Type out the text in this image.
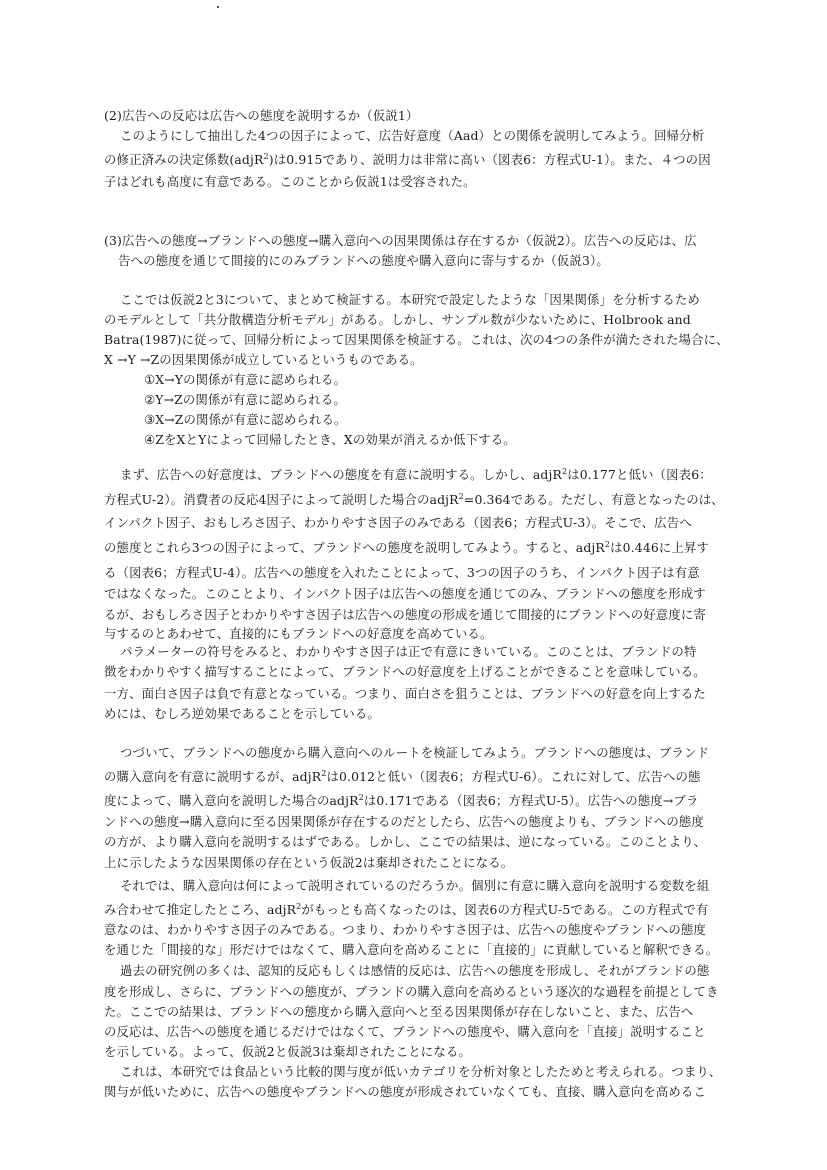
(2)広告への反応は広告への態度を説明するか（仮説1）
このようにして抽出した4つの因子によって、広告好意度（Aad）との関係を説明してみよう。回帰分析
の修正済みの決定係数(adjR$^2$)は0.915であり、説明力は非常に高い（図表6：方程式U-1）。また、４つの因
子はどれも高度に有意である。このことから仮説1は受容された。
(3)広告への態度→ブランドへの態度→購入意向への因果関係は存在するか（仮説2）。広告への反応は、広
告への態度を通じて間接的にのみブランドへの態度や購入意向に寄与するか（仮説3）。
ここでは仮説2と3について、まとめて検証する。本研究で設定したような「因果関係」を分析するため
のモデルとして「共分散構造分析モデル」がある。しかし、サンプル数が少ないために、Holbrook and
Batra(1987)に従って、回帰分析によって因果関係を検証する。これは、次の4つの条件が満たされた場合に、
X →Y →Zの因果関係が成立しているというものである。
①X→Yの関係が有意に認められる。
②Y→Zの関係が有意に認められる。
③X→Zの関係が有意に認められる。
④ZをXとYによって回帰したとき、Xの効果が消えるか低下する。
まず、広告への好意度は、ブランドへの態度を有意に説明する。しかし、adjR$^2$は0.177と低い（図表6：
方程式U-2）。消費者の反応4因子によって説明した場合のadjR$^2$=0.364である。ただし、有意となったのは、
インパクト因子、おもしろさ因子、わかりやすさ因子のみである（図表6；方程式U-3）。そこで、広告へ
の態度とこれら3つの因子によって、ブランドへの態度を説明してみよう。すると、adjR$^2$は0.446に上昇す
る（図表6；方程式U-4）。広告への態度を入れたことによって、3つの因子のうち、インパクト因子は有意
ではなくなった。このことより、インパクト因子は広告への態度を通じてのみ、ブランドへの態度を形成す
るが、おもしろさ因子とわかりやすさ因子は広告への態度の形成を通じて間接的にブランドへの好意度に寄
与するのとあわせて、直接的にもブランドへの好意度を高めている。
パラメーターの符号をみると、わかりやすさ因子は正で有意にきいている。このことは、ブランドの特
徴をわかりやすく描写することによって、ブランドへの好意度を上げることができることを意味している。
一方、面白さ因子は負で有意となっている。つまり、面白さを狙うことは、ブランドへの好意を向上するた
めには、むしろ逆効果であることを示している。
つづいて、ブランドへの態度から購入意向へのルートを検証してみよう。ブランドへの態度は、ブランド
の購入意向を有意に説明するが、adjR$^2$は0.012と低い（図表6；方程式U-6）。これに対して、広告への態
度によって、購入意向を説明した場合のadjR$^2$は0.171である（図表6；方程式U-5）。広告への態度→ブラ
ンドへの態度→購入意向に至る因果関係が存在するのだとしたら、広告への態度よりも、ブランドへの態度
の方が、より購入意向を説明するはずである。しかし、ここでの結果は、逆になっている。このことより、
上に示したような因果関係の存在という仮説2は棄却されたことになる。
それでは、購入意向は何によって説明されているのだろうか。個別に有意に購入意向を説明する変数を組
み合わせて推定したところ、adjR$^2$がもっとも高くなったのは、図表6の方程式U-5である。この方程式で有
意なのは、わかりやすさ因子のみである。つまり、わかりやすさ因子は、広告への態度やブランドへの態度
を通じた「間接的な」形だけではなくて、購入意向を高めることに「直接的」に貢献していると解釈できる。
過去の研究例の多くは、認知的反応もしくは感情的反応は、広告への態度を形成し、それがブランドの態
度を形成し、さらに、ブランドへの態度が、ブランドの購入意向を高めるという逐次的な過程を前提としてき
た。ここでの結果は、ブランドへの態度から購入意向へと至る因果関係が存在しないこと、また、広告へ
の反応は、広告への態度を通じるだけではなくて、ブランドへの態度や、購入意向を「直接」説明すること
を示している。よって、仮説2と仮説3は棄却されたことになる。
これは、本研究では食品という比較的関与度が低いカテゴリを分析対象としたためと考えられる。つまり、
関与が低いために、広告への態度やブランドへの態度が形成されていなくても、直接、購入意向を高めるこ
